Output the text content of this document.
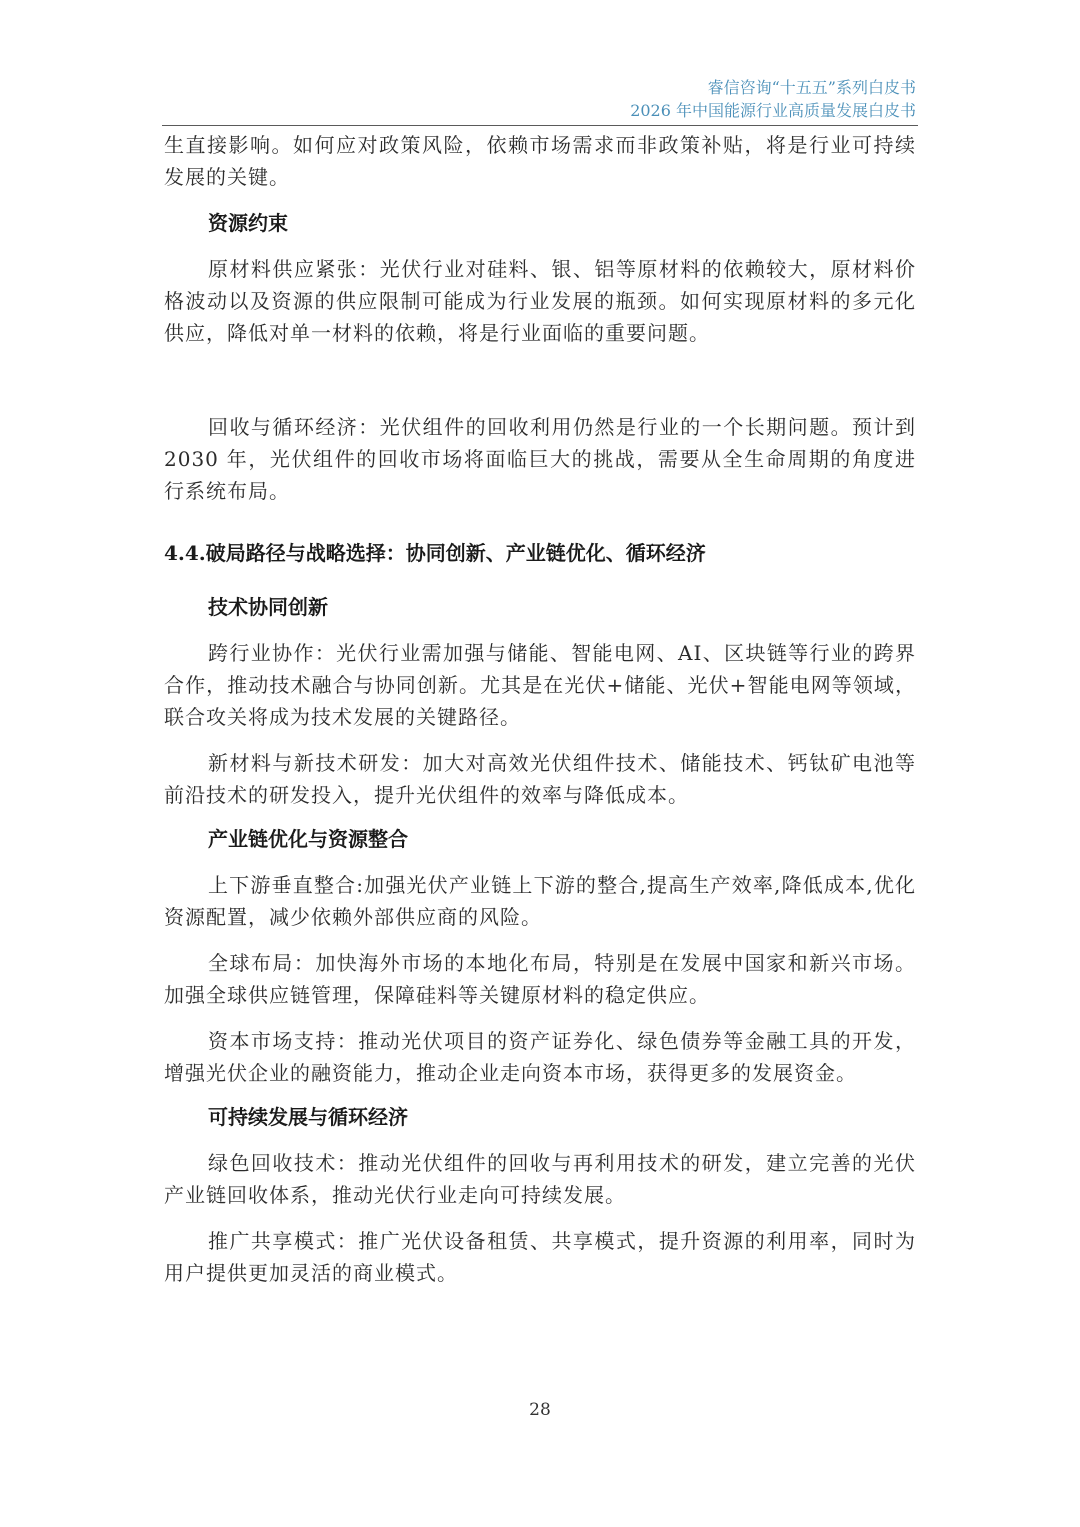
睿信咨询“十五五”系列白皮书
2026 年中国能源行业高质量发展白皮书

生直接影响。如何应对政策风险，依赖市场需求而非政策补贴，将是行业可持续发展的关键。

资源约束

原材料供应紧张：光伏行业对硅料、银、铝等原材料的依赖较大，原材料价格波动以及资源的供应限制可能成为行业发展的瓶颈。如何实现原材料的多元化供应，降低对单一材料的依赖，将是行业面临的重要问题。

回收与循环经济：光伏组件的回收利用仍然是行业的一个长期问题。预计到2030 年，光伏组件的回收市场将面临巨大的挑战，需要从全生命周期的角度进行系统布局。

4.4.破局路径与战略选择：协同创新、产业链优化、循环经济

技术协同创新

跨行业协作：光伏行业需加强与储能、智能电网、AI、区块链等行业的跨界合作，推动技术融合与协同创新。尤其是在光伏+储能、光伏+智能电网等领域，联合攻关将成为技术发展的关键路径。

新材料与新技术研发：加大对高效光伏组件技术、储能技术、钙钛矿电池等前沿技术的研发投入，提升光伏组件的效率与降低成本。

产业链优化与资源整合

上下游垂直整合:加强光伏产业链上下游的整合,提高生产效率,降低成本,优化资源配置，减少依赖外部供应商的风险。

全球布局：加快海外市场的本地化布局，特别是在发展中国家和新兴市场。加强全球供应链管理，保障硅料等关键原材料的稳定供应。

资本市场支持：推动光伏项目的资产证券化、绿色债券等金融工具的开发，增强光伏企业的融资能力，推动企业走向资本市场，获得更多的发展资金。

可持续发展与循环经济

绿色回收技术：推动光伏组件的回收与再利用技术的研发，建立完善的光伏产业链回收体系，推动光伏行业走向可持续发展。

推广共享模式：推广光伏设备租赁、共享模式，提升资源的利用率，同时为用户提供更加灵活的商业模式。

28
